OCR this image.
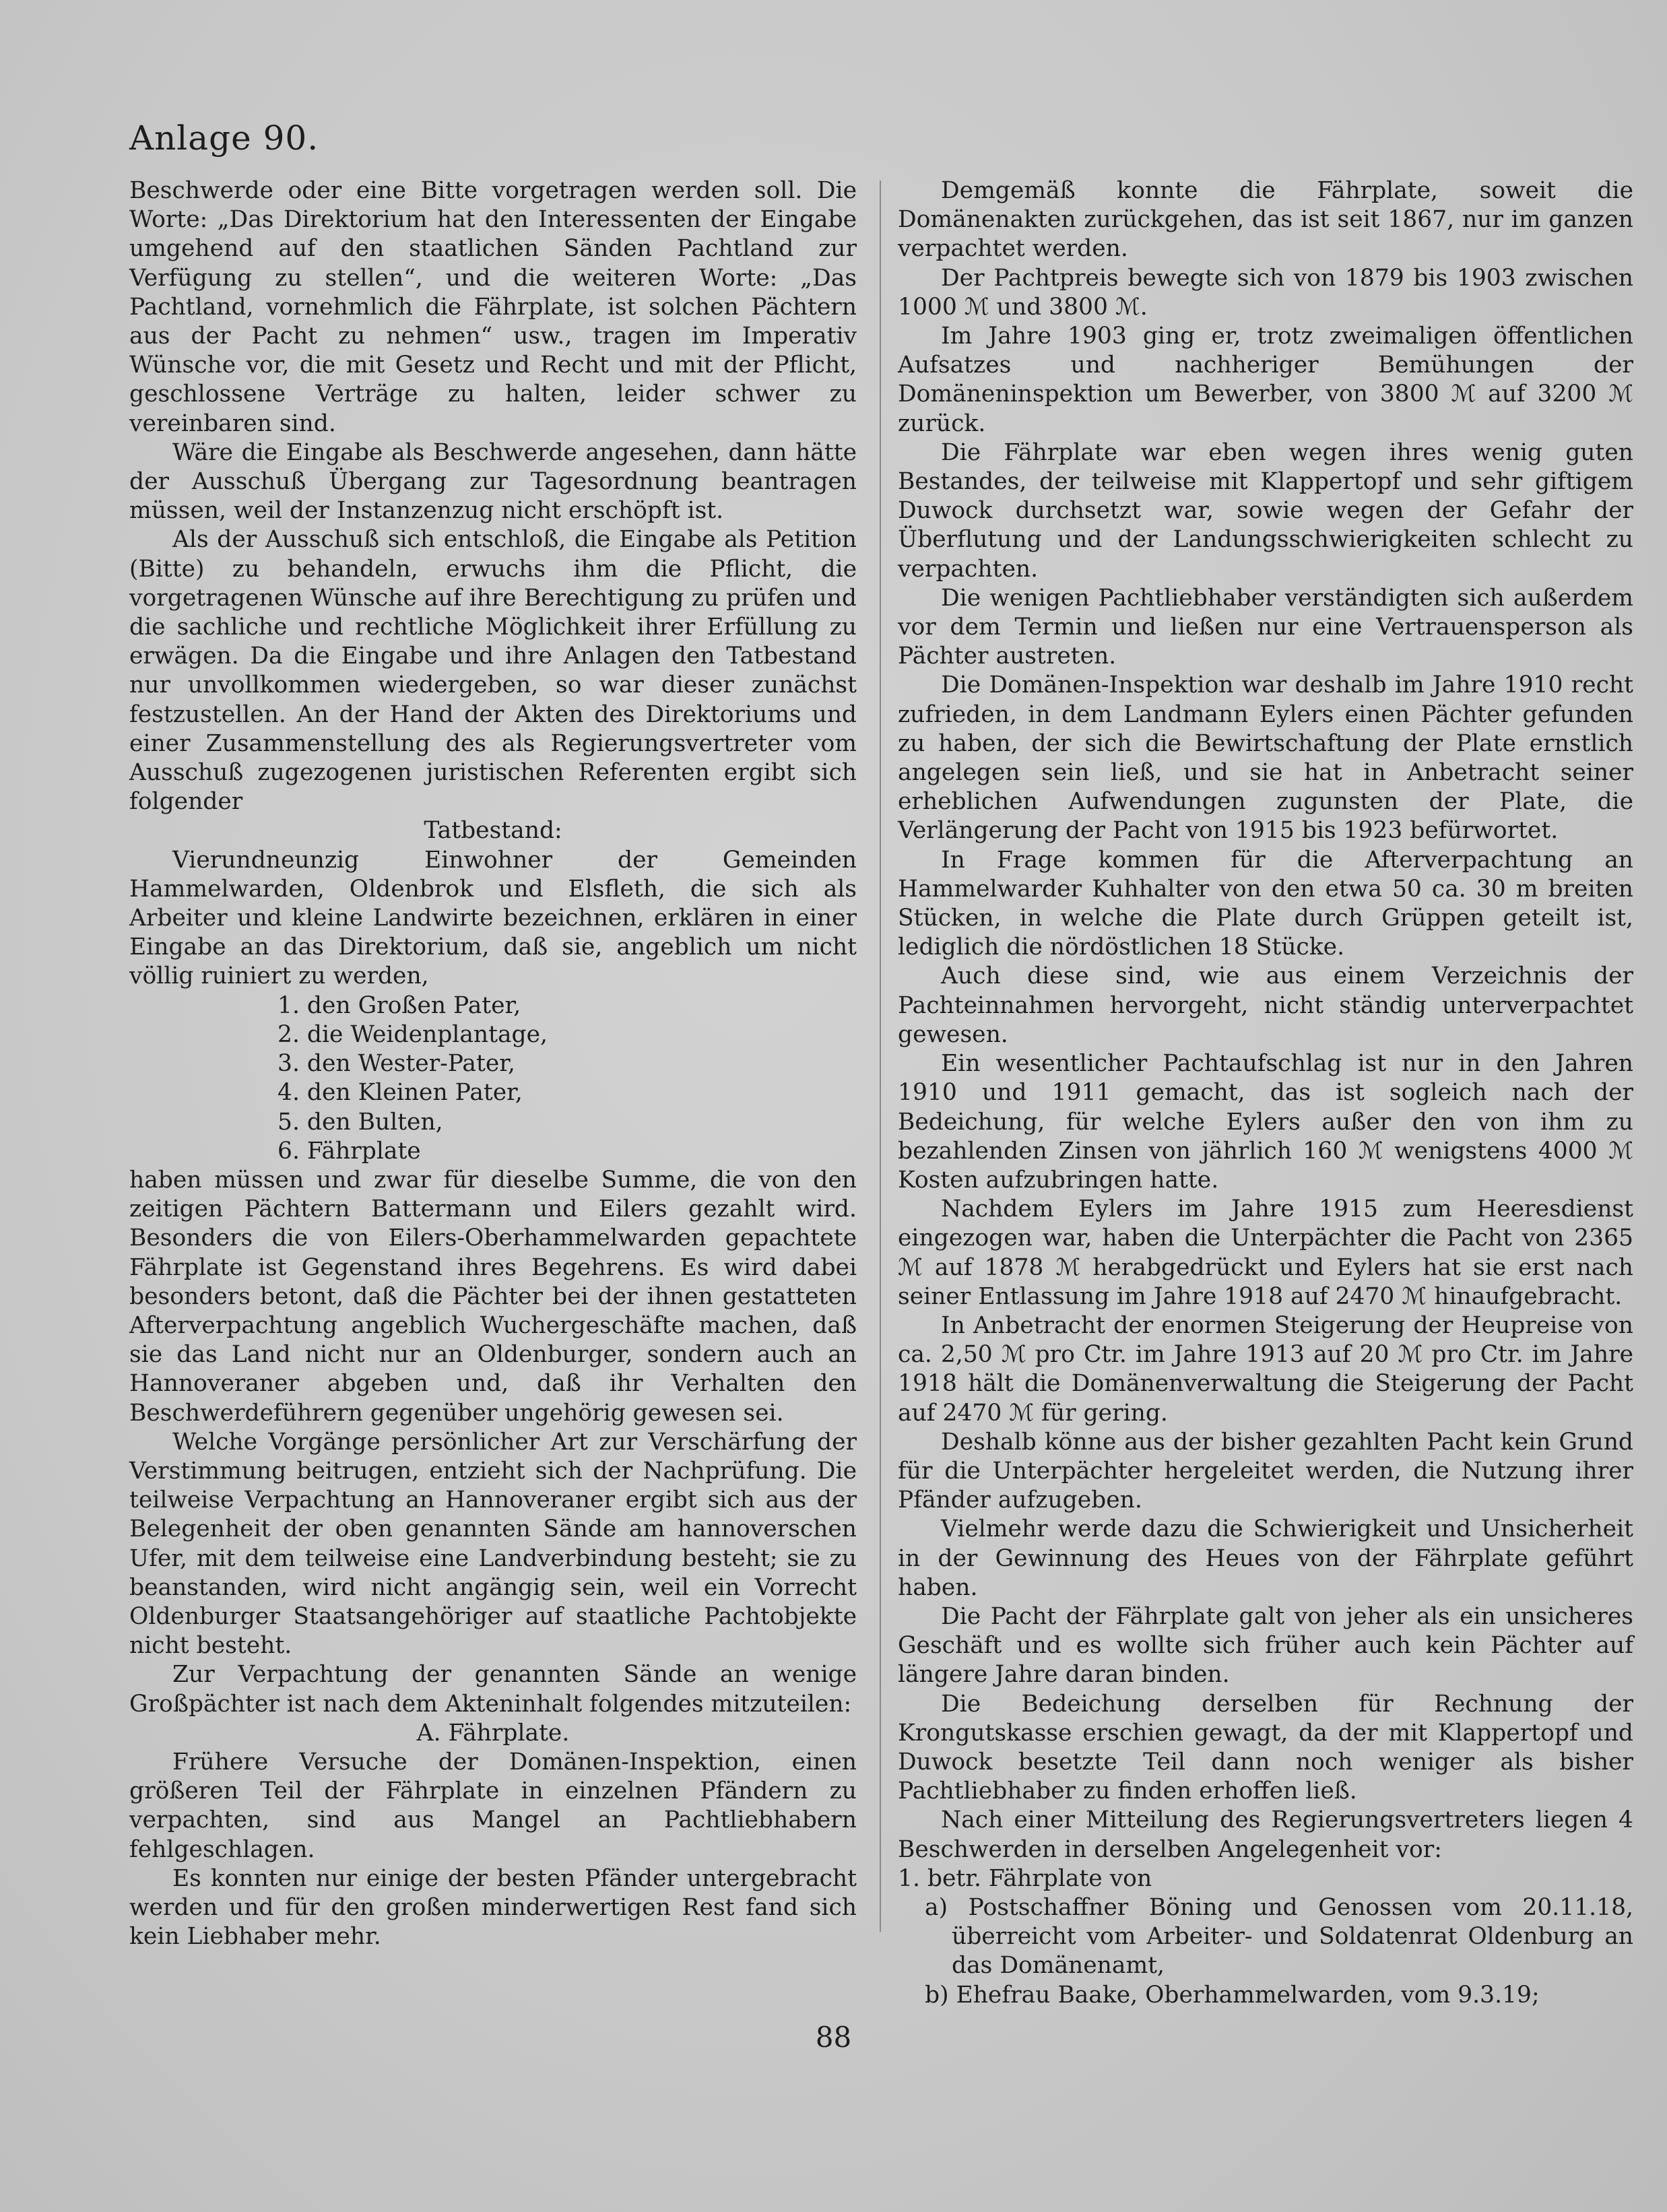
Anlage 90.

Beschwerde oder eine Bitte vorgetragen werden soll. Die Worte: „Das Direktorium hat den Interessenten der Eingabe umgehend auf den staatlichen Sänden Pachtland zur Verfügung zu stellen“, und die weiteren Worte: „Das Pachtland, vornehmlich die Fährplate, ist solchen Pächtern aus der Pacht zu nehmen“ usw., tragen im Imperativ Wünsche vor, die mit Gesetz und Recht und mit der Pflicht, geschlossene Verträge zu halten, leider schwer zu vereinbaren sind.

Wäre die Eingabe als Beschwerde angesehen, dann hätte der Ausschuß Übergang zur Tagesordnung beantragen müssen, weil der Instanzenzug nicht erschöpft ist.

Als der Ausschuß sich entschloß, die Eingabe als Petition (Bitte) zu behandeln, erwuchs ihm die Pflicht, die vorgetragenen Wünsche auf ihre Berechtigung zu prüfen und die sachliche und rechtliche Möglichkeit ihrer Erfüllung zu erwägen. Da die Eingabe und ihre Anlagen den Tatbestand nur unvollkommen wiedergeben, so war dieser zunächst festzustellen. An der Hand der Akten des Direktoriums und einer Zusammenstellung des als Regierungsvertreter vom Ausschuß zugezogenen juristischen Referenten ergibt sich folgender

Tatbestand:

Vierundneunzig Einwohner der Gemeinden Hammelwarden, Oldenbrok und Elsfleth, die sich als Arbeiter und kleine Landwirte bezeichnen, erklären in einer Eingabe an das Direktorium, daß sie, angeblich um nicht völlig ruiniert zu werden,

1. den Großen Pater,
2. die Weidenplantage,
3. den Wester-Pater,
4. den Kleinen Pater,
5. den Bulten,
6. Fährplate

haben müssen und zwar für dieselbe Summe, die von den zeitigen Pächtern Battermann und Eilers gezahlt wird. Besonders die von Eilers-Oberhammelwarden gepachtete Fährplate ist Gegenstand ihres Begehrens. Es wird dabei besonders betont, daß die Pächter bei der ihnen gestatteten Afterverpachtung angeblich Wuchergeschäfte machen, daß sie das Land nicht nur an Oldenburger, sondern auch an Hannoveraner abgeben und, daß ihr Verhalten den Beschwerdeführern gegenüber ungehörig gewesen sei.

Welche Vorgänge persönlicher Art zur Verschärfung der Verstimmung beitrugen, entzieht sich der Nachprüfung. Die teilweise Verpachtung an Hannoveraner ergibt sich aus der Belegenheit der oben genannten Sände am hannoverschen Ufer, mit dem teilweise eine Landverbindung besteht; sie zu beanstanden, wird nicht angängig sein, weil ein Vorrecht Oldenburger Staatsangehöriger auf staatliche Pachtobjekte nicht besteht.

Zur Verpachtung der genannten Sände an wenige Großpächter ist nach dem Akteninhalt folgendes mitzuteilen:

A. Fährplate.

Frühere Versuche der Domänen-Inspektion, einen größeren Teil der Fährplate in einzelnen Pfändern zu verpachten, sind aus Mangel an Pachtliebhabern fehlgeschlagen.

Es konnten nur einige der besten Pfänder untergebracht werden und für den großen minderwertigen Rest fand sich kein Liebhaber mehr.

Demgemäß konnte die Fährplate, soweit die Domänenakten zurückgehen, das ist seit 1867, nur im ganzen verpachtet werden.

Der Pachtpreis bewegte sich von 1879 bis 1903 zwischen 1000 ℳ und 3800 ℳ.

Im Jahre 1903 ging er, trotz zweimaligen öffentlichen Aufsatzes und nachheriger Bemühungen der Domäneninspektion um Bewerber, von 3800 ℳ auf 3200 ℳ zurück.

Die Fährplate war eben wegen ihres wenig guten Bestandes, der teilweise mit Klappertopf und sehr giftigem Duwock durchsetzt war, sowie wegen der Gefahr der Überflutung und der Landungsschwierigkeiten schlecht zu verpachten.

Die wenigen Pachtliebhaber verständigten sich außerdem vor dem Termin und ließen nur eine Vertrauensperson als Pächter austreten.

Die Domänen-Inspektion war deshalb im Jahre 1910 recht zufrieden, in dem Landmann Eylers einen Pächter gefunden zu haben, der sich die Bewirtschaftung der Plate ernstlich angelegen sein ließ, und sie hat in Anbetracht seiner erheblichen Aufwendungen zugunsten der Plate, die Verlängerung der Pacht von 1915 bis 1923 befürwortet.

In Frage kommen für die Afterverpachtung an Hammelwarder Kuhhalter von den etwa 50 ca. 30 m breiten Stücken, in welche die Plate durch Grüppen geteilt ist, lediglich die nördöstlichen 18 Stücke.

Auch diese sind, wie aus einem Verzeichnis der Pachteinnahmen hervorgeht, nicht ständig unterverpachtet gewesen.

Ein wesentlicher Pachtaufschlag ist nur in den Jahren 1910 und 1911 gemacht, das ist sogleich nach der Bedeichung, für welche Eylers außer den von ihm zu bezahlenden Zinsen von jährlich 160 ℳ wenigstens 4000 ℳ Kosten aufzubringen hatte.

Nachdem Eylers im Jahre 1915 zum Heeresdienst eingezogen war, haben die Unterpächter die Pacht von 2365 ℳ auf 1878 ℳ herabgedrückt und Eylers hat sie erst nach seiner Entlassung im Jahre 1918 auf 2470 ℳ hinaufgebracht.

In Anbetracht der enormen Steigerung der Heupreise von ca. 2,50 ℳ pro Ctr. im Jahre 1913 auf 20 ℳ pro Ctr. im Jahre 1918 hält die Domänenverwaltung die Steigerung der Pacht auf 2470 ℳ für gering.

Deshalb könne aus der bisher gezahlten Pacht kein Grund für die Unterpächter hergeleitet werden, die Nutzung ihrer Pfänder aufzugeben.

Vielmehr werde dazu die Schwierigkeit und Unsicherheit in der Gewinnung des Heues von der Fährplate geführt haben.

Die Pacht der Fährplate galt von jeher als ein unsicheres Geschäft und es wollte sich früher auch kein Pächter auf längere Jahre daran binden.

Die Bedeichung derselben für Rechnung der Krongutskasse erschien gewagt, da der mit Klappertopf und Duwock besetzte Teil dann noch weniger als bisher Pachtliebhaber zu finden erhoffen ließ.

Nach einer Mitteilung des Regierungsvertreters liegen 4 Beschwerden in derselben Angelegenheit vor:

1. betr. Fährplate von

a) Postschaffner Böning und Genossen vom 20.11.18, überreicht vom Arbeiter- und Soldatenrat Oldenburg an das Domänenamt,

b) Ehefrau Baake, Oberhammelwarden, vom 9.3.19;

88
